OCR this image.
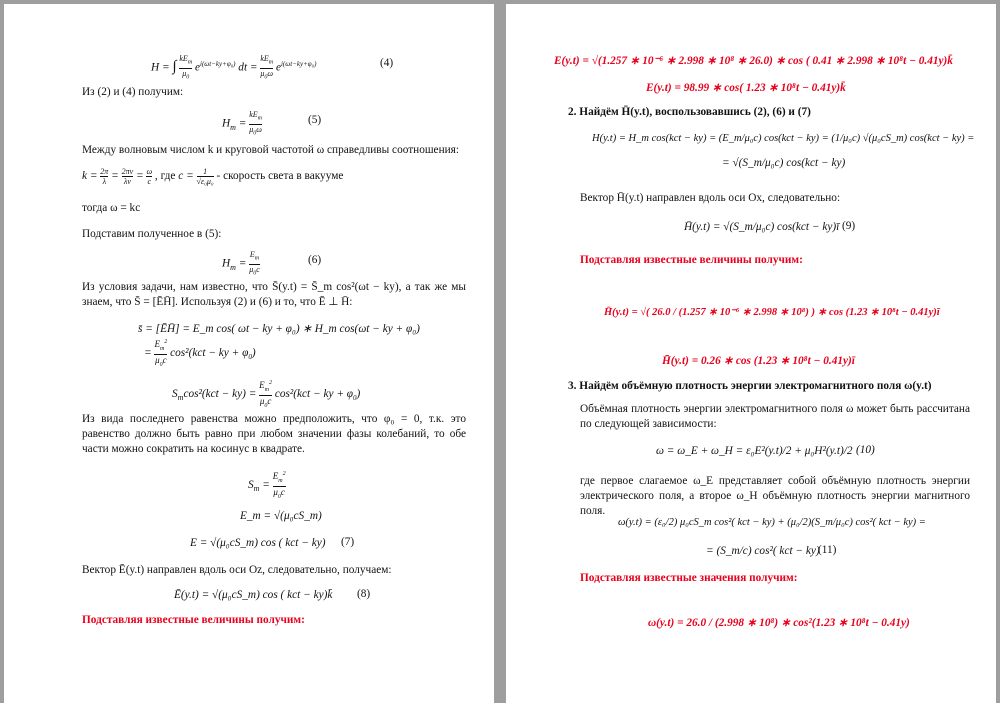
H = ∫
$kE_m$
$\mu_0$
$e^{i(\omega t-ky+\varphi_0)}$ dt =
$kE_m$
$\mu_0\omega$ $e^{i(\omega t-ky+\varphi_0)}$	(4)
Из (2) и (4) получим:
$H_m$ =
$kE_m$
$\mu_0\omega$
(5)
Между волновым числом k и круговой частотой ω справедливы соотношения:
$k = \frac{2\pi}{\lambda} = \frac{2\pi\nu}{\lambda\nu} = \frac{\omega}{c}$ , где $c = \frac{1}{\text{√ε₀μ₀}}$ - скорость света в вакууме
тогда ω = kc
Подставим полученное в (5):
$H_m = \frac{E_m}{\mu_0c}$	(6)
Из условия задачи, нам известно, что S̄(y.t) = S̄_m cos²(ωt − ky), а так же мы знаем, что S̄ = [ĒH̄]. Используя (2) и (6) и то, что Ē ⊥ H̄:
s̄ = [ĒH̄] = E_m cos( ωt − ky + φ₀) ∗ H_m cos(ωt − ky + φ₀)
= $\frac{E_m^2}{\mu_0c} \cos^2(kct$ − ky + $\varphi_0$)
$S_m\cos^2(kct - ky) = \frac{E_m^2}{\mu_0c} \cos^2(kct$ − ky + $\varphi_0$)
Из вида последнего равенства можно предположить, что φ₀ = 0, т.к. это равенство должно быть равно при любом значении фазы колебаний, то обе части можно сократить на косинус в квадрате.
$S_m = \frac{E_m^2}{\mu_0c}$
E_m = √(μ₀cS_m)
E = √(μ₀cS_m) cos ( kct − ky) (7)
Вектор Ē(y.t) направлен вдоль оси Oz, следовательно, получаем:
Ē(y.t) = √(μ₀cS_m) cos ( kct − ky)k̄ (8)
Подставляя известные величины получим:
E(y.t) = √(1.257 ∗ 10⁻⁶ ∗ 2.998 ∗ 10⁸ ∗ 26.0) ∗ cos ( 0.41 ∗ 2.998 ∗ 10⁸t − 0.41y)k̄
E(y.t) = 98.99 ∗ cos( 1.23 ∗ 10⁸t − 0.41y)k̄
2. Найдём H̄(y.t), воспользовавшись (2), (6) и (7)
H(y.t) = H_m cos(kct − ky) = (E_m/μ₀c) cos(kct − ky) = (1/μ₀c) √(μ₀cS_m) cos(kct − ky) =
= √(S_m/μ₀c) cos(kct − ky)
Вектор H̄(y.t) направлен вдоль оси Ox, следовательно:
H̄(y.t) = √(S_m/μ₀c) cos(kct − ky)ī (9)
Подставляя известные величины получим:
H̄(y.t) = √( 26.0 / (1.257 ∗ 10⁻⁶ ∗ 2.998 ∗ 10⁸) ) ∗ cos (1.23 ∗ 10⁸t − 0.41y)ī
H̄(y.t) = 0.26 ∗ cos (1.23 ∗ 10⁸t − 0.41y)ī
3. Найдём объёмную плотность энергии электромагнитного поля ω(y.t)
Объёмная плотность энергии электромагнитного поля ω может быть рассчитана по следующей зависимости:
ω = ω_E + ω_H = ε₀E²(y.t)/2 + μ₀H²(y.t)/2 (10)
где первое слагаемое ω_E представляет собой объёмную плотность энергии электрического поля, а второе ω_H объёмную плотность энергии магнитного поля.
ω(y.t) = (ε₀/2) μ₀cS_m cos²( kct − ky) + (μ₀/2)(S_m/μ₀c) cos²( kct − ky) =
= (S_m/c) cos²( kct − ky)
(11)
Подставляя известные значения получим:
ω(y.t) = 26.0 / (2.998 ∗ 10⁸) ∗ cos²(1.23 ∗ 10⁸t − 0.41y)
